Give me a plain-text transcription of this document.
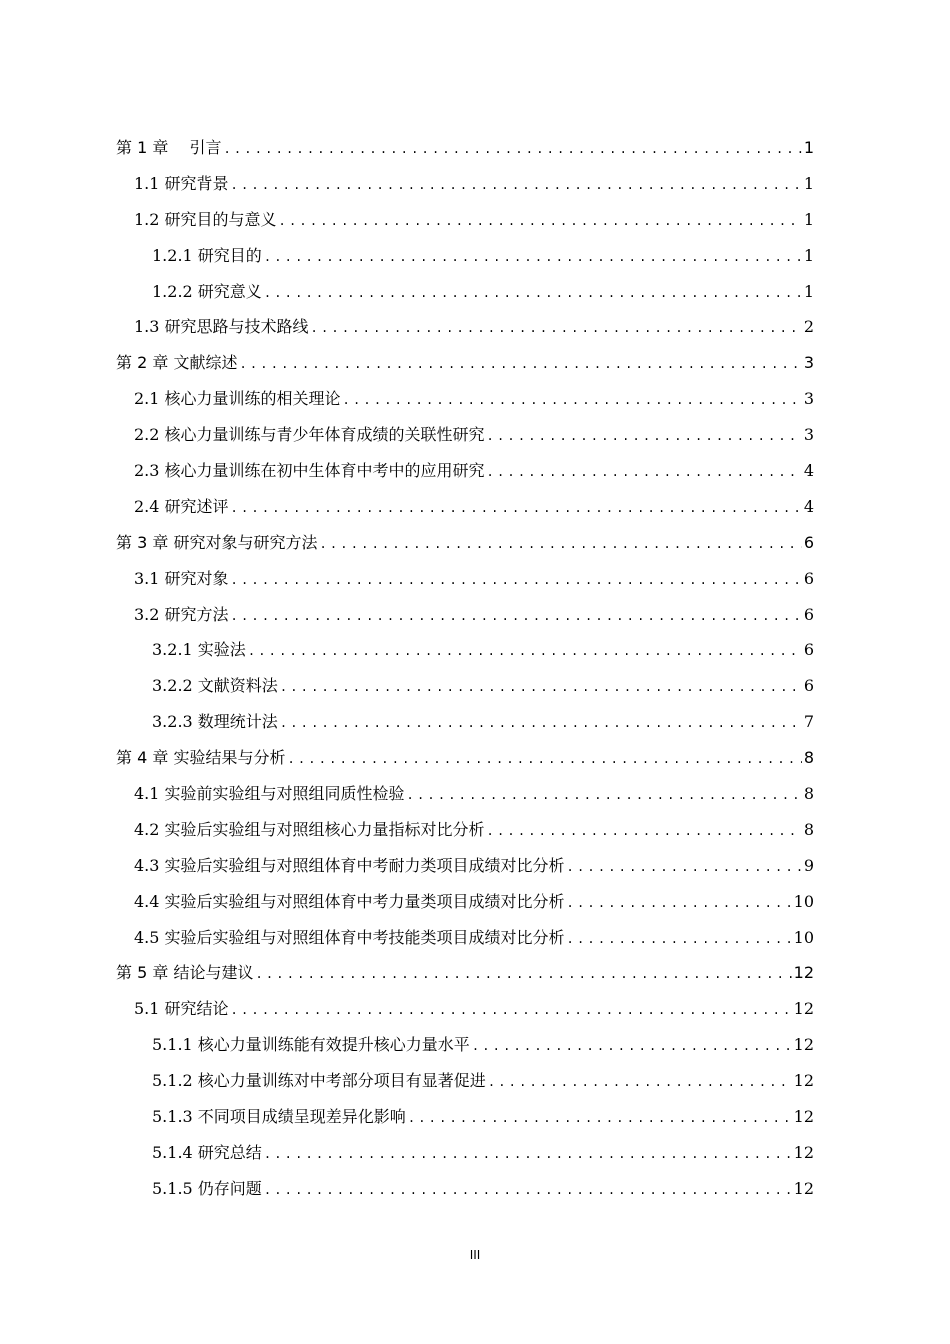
第 1 章　 引言 .....	1
1.1 研究背景 .....	1
1.2 研究目的与意义 .....	1
1.2.1 研究目的 .....	1
1.2.2 研究意义 .....	1
1.3 研究思路与技术路线 .....	2
第 2 章 文献综述 .....	3
2.1 核心力量训练的相关理论 .....	3
2.2 核心力量训练与青少年体育成绩的关联性研究 .....	3
2.3 核心力量训练在初中生体育中考中的应用研究 .....	4
2.4 研究述评 .....	4
第 3 章 研究对象与研究方法 .....	6
3.1 研究对象 .....	6
3.2 研究方法 .....	6
3.2.1 实验法 .....	6
3.2.2 文献资料法 .....	6
3.2.3 数理统计法 .....	7
第 4 章 实验结果与分析 .....	8
4.1 实验前实验组与对照组同质性检验 .....	8
4.2 实验后实验组与对照组核心力量指标对比分析 .....	8
4.3 实验后实验组与对照组体育中考耐力类项目成绩对比分析 .....	9
4.4 实验后实验组与对照组体育中考力量类项目成绩对比分析 .....	10
4.5 实验后实验组与对照组体育中考技能类项目成绩对比分析 .....	10
第 5 章 结论与建议 .....	12
5.1 研究结论 .....	12
5.1.1 核心力量训练能有效提升核心力量水平 .....	12
5.1.2 核心力量训练对中考部分项目有显著促进 .....	12
5.1.3 不同项目成绩呈现差异化影响 .....	12
5.1.4 研究总结 .....	12
5.1.5 仍存问题 .....	12
III
